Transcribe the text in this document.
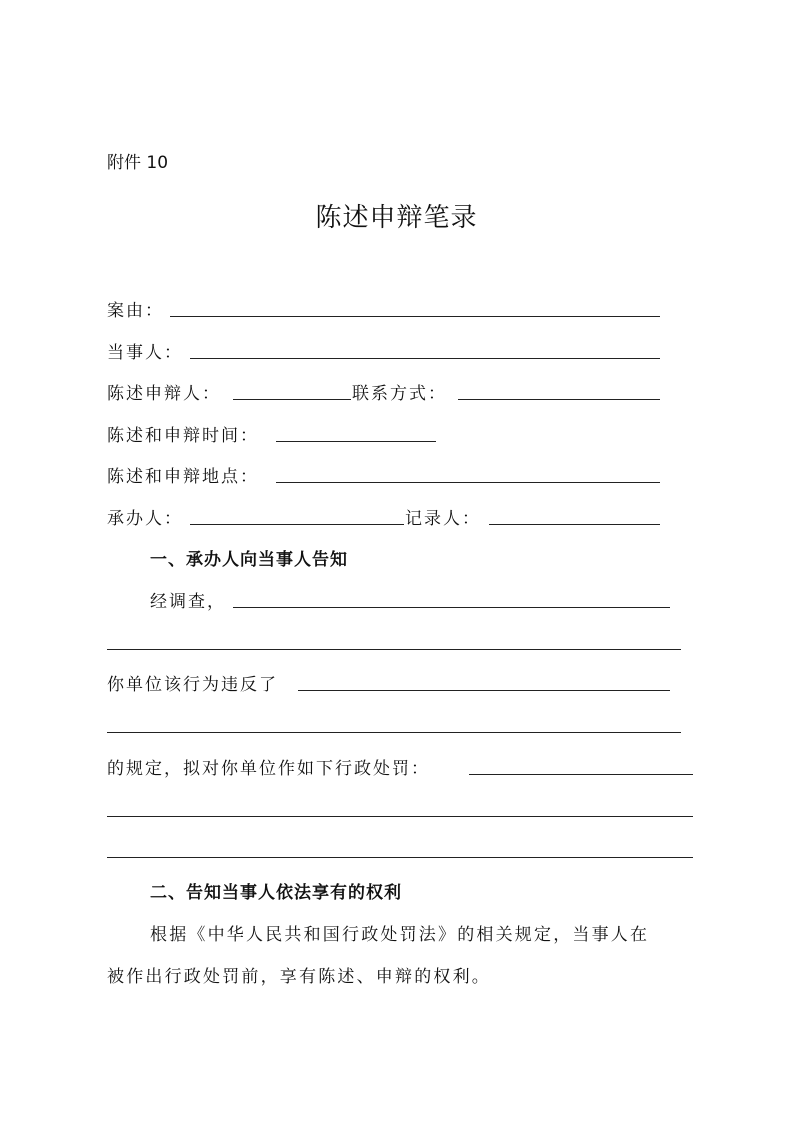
附件 10
陈述申辩笔录
案由：
当事人：
陈述申辩人：	联系方式：
陈述和申辩时间：
陈述和申辩地点：
承办人：	记录人：
一、承办人向当事人告知
经调查，
你单位该行为违反了
的规定，拟对你单位作如下行政处罚：
二、告知当事人依法享有的权利
根据《中华人民共和国行政处罚法》的相关规定，当事人在
被作出行政处罚前，享有陈述、申辩的权利。
